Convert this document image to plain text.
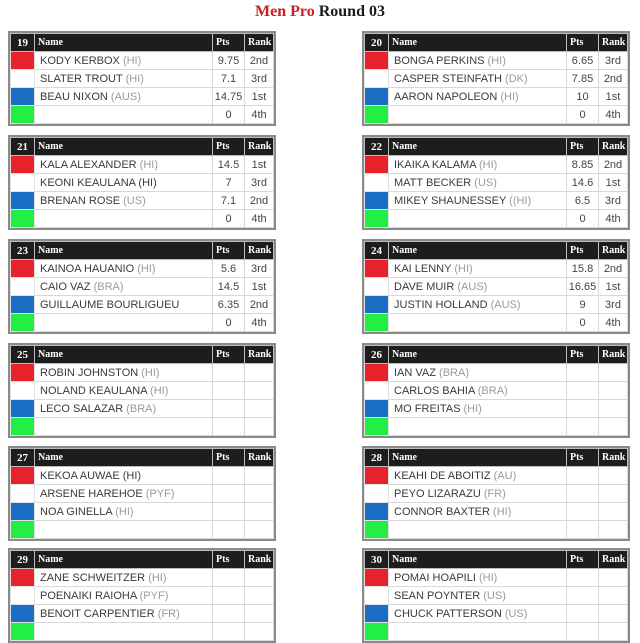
Men Pro Round 03
19	Name	Pts	Rank
	KODY KERBOX (HI)	9.75	2nd
	SLATER TROUT (HI)	7.1	3rd
	BEAU NIXON (AUS)	14.75	1st
		0	4th
20	Name	Pts	Rank
	BONGA PERKINS (HI)	6.65	3rd
	CASPER STEINFATH (DK)	7.85	2nd
	AARON NAPOLEON (HI)	10	1st
		0	4th
21	Name	Pts	Rank
	KALA ALEXANDER (HI)	14.5	1st
	KEONI KEAULANA (HI)	7	3rd
	BRENAN ROSE (US)	7.1	2nd
		0	4th
22	Name	Pts	Rank
	IKAIKA KALAMA (HI)	8.85	2nd
	MATT BECKER (US)	14.6	1st
	MIKEY SHAUNESSEY ((HI)	6.5	3rd
		0	4th
23	Name	Pts	Rank
	KAINOA HAUANIO (HI)	5.6	3rd
	CAIO VAZ (BRA)	14.5	1st
	GUILLAUME BOURLIGUEU	6.35	2nd
		0	4th
24	Name	Pts	Rank
	KAI LENNY (HI)	15.8	2nd
	DAVE MUIR (AUS)	16.65	1st
	JUSTIN HOLLAND (AUS)	9	3rd
		0	4th
25	Name	Pts	Rank
	ROBIN JOHNSTON (HI)		
	NOLAND KEAULANA (HI)		
	LECO SALAZAR (BRA)		

26	Name	Pts	Rank
	IAN VAZ (BRA)		
	CARLOS BAHIA (BRA)		
	MO FREITAS (HI)		

27	Name	Pts	Rank
	KEKOA AUWAE (HI)		
	ARSENE HAREHOE (PYF)		
	NOA GINELLA (HI)		

28	Name	Pts	Rank
	KEAHI DE ABOITIZ (AU)		
	PEYO LIZARAZU (FR)		
	CONNOR BAXTER (HI)		

29	Name	Pts	Rank
	ZANE SCHWEITZER (HI)		
	POENAIKI RAIOHA (PYF)		
	BENOIT CARPENTIER (FR)		

30	Name	Pts	Rank
	POMAI HOAPILI (HI)		
	SEAN POYNTER (US)		
	CHUCK PATTERSON (US)		
